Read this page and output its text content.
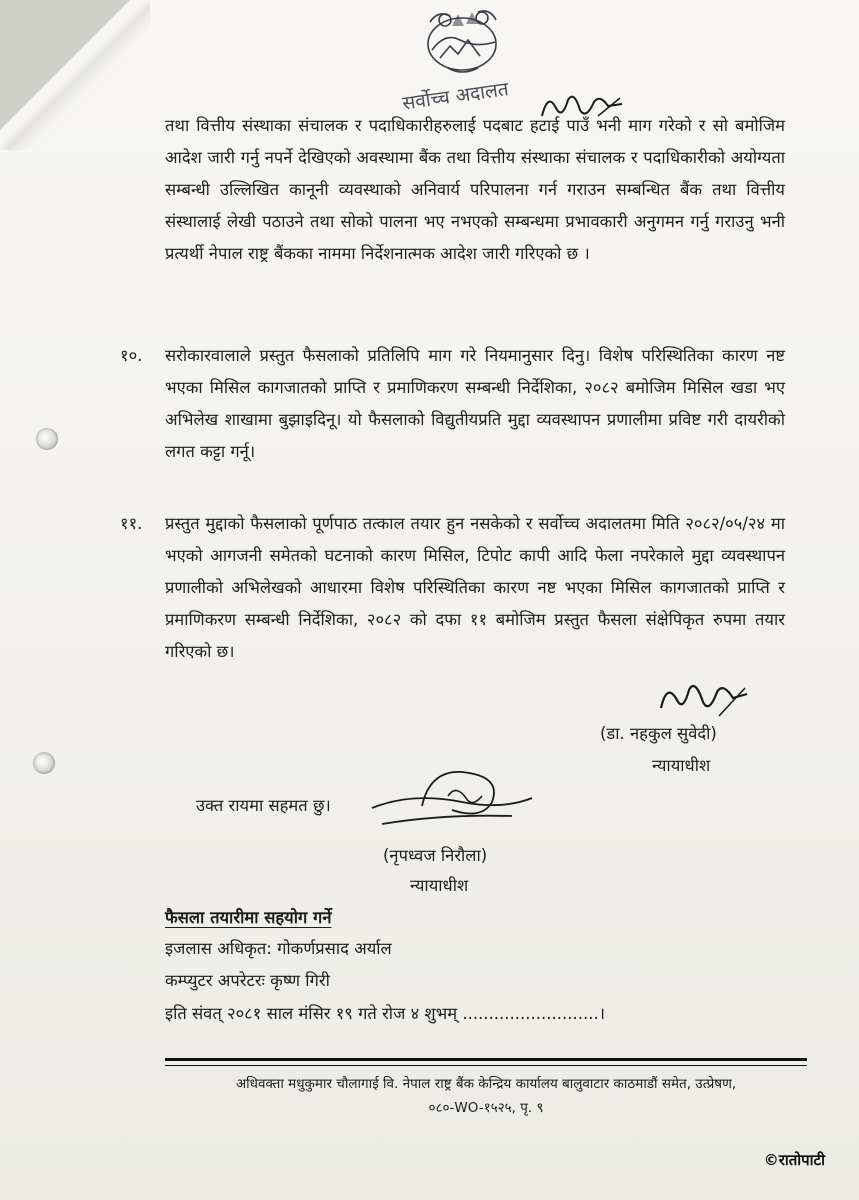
सर्वोच्च अदालत
तथा वित्तीय संस्थाका संचालक र पदाधिकारीहरुलाई पदबाट हटाई पाउँ भनी माग गरेको र सो बमोजिम आदेश जारी गर्नु नपर्ने देखिएको अवस्थामा बैंक तथा वित्तीय संस्थाका संचालक र पदाधिकारीको अयोग्यता सम्बन्धी उल्लिखित कानूनी व्यवस्थाको अनिवार्य परिपालना गर्न गराउन सम्बन्धित बैंक तथा वित्तीय संस्थालाई लेखी पठाउने तथा सोको पालना भए नभएको सम्बन्धमा प्रभावकारी अनुगमन गर्नु गराउनु भनी प्रत्यर्थी नेपाल राष्ट्र बैंकका नाममा निर्देशनात्मक आदेश जारी गरिएको छ ।
१०. सरोकारवालाले प्रस्तुत फैसलाको प्रतिलिपि माग गरे नियमानुसार दिनु। विशेष परिस्थितिका कारण नष्ट भएका मिसिल कागजातको प्राप्ति र प्रमाणिकरण सम्बन्धी निर्देशिका, २०८२ बमोजिम मिसिल खडा भए अभिलेख शाखामा बुझाइदिनू। यो फैसलाको विद्युतीयप्रति मुद्दा व्यवस्थापन प्रणालीमा प्रविष्ट गरी दायरीको लगत कट्टा गर्नू।
११. प्रस्तुत मुद्दाको फैसलाको पूर्णपाठ तत्काल तयार हुन नसकेको र सर्वोच्च अदालतमा मिति २०८२/०५/२४ मा भएको आगजनी समेतको घटनाको कारण मिसिल, टिपोट कापी आदि फेला नपरेकाले मुद्दा व्यवस्थापन प्रणालीको अभिलेखको आधारमा विशेष परिस्थितिका कारण नष्ट भएका मिसिल कागजातको प्राप्ति र प्रमाणिकरण सम्बन्धी निर्देशिका, २०८२ को दफा ११ बमोजिम प्रस्तुत फैसला संक्षेपिकृत रुपमा तयार गरिएको छ।
(डा. नहकुल सुवेदी)
न्यायाधीश
उक्त रायमा सहमत छु।
(नृपध्वज निरौला)
न्यायाधीश
फैसला तयारीमा सहयोग गर्ने
इजलास अधिकृत: गोकर्णप्रसाद अर्याल
कम्प्युटर अपरेटरः कृष्ण गिरी
इति संवत् २०८१ साल मंसिर १९ गते रोज ४ शुभम् ..........................।
अधिवक्ता मधुकुमार चौलागाई वि. नेपाल राष्ट्र बैंक केन्द्रिय कार्यालय बालुवाटार काठमाडौं समेत, उत्प्रेषण,
०८०-WO-१५२५, पृ. ९
©रातोपाटी
